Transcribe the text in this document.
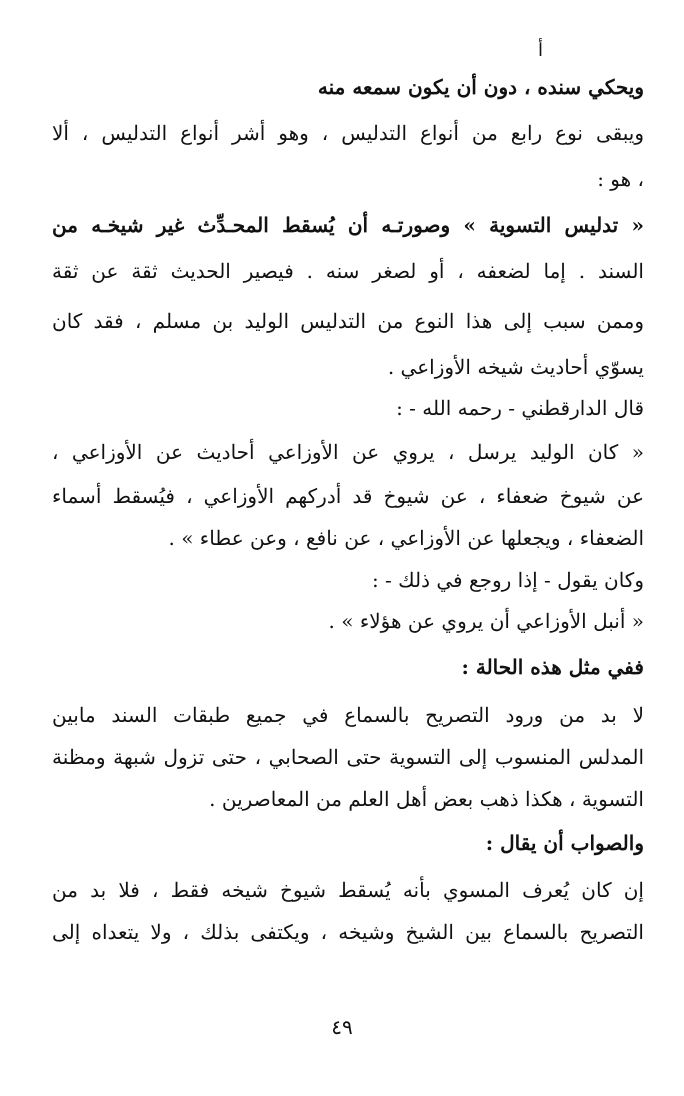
أ
ويحكي سنده ، دون أن يكون سمعه منه
ويبقى نوع رابع من أنواع التدليس ، وهو أشر أنواع التدليس ، ألا
، هو :
« تدليس التسوية » وصورتـه أن يُسقط المحـدِّث غير شيخـه من
السند . إما لضعفه ، أو لصغر سنه . فيصير الحديث ثقة عن ثقة
وممن سبب إلى هذا النوع من التدليس الوليد بن مسلم ، فقد كان
يسوّي أحاديث شيخه الأوزاعي .
قال الدارقطني - رحمه الله - :
« كان الوليد يرسل ، يروي عن الأوزاعي أحاديث عن الأوزاعي ،
عن شيوخ ضعفاء ، عن شيوخ قد أدركهم الأوزاعي ، فيُسقط أسماء
الضعفاء ، ويجعلها عن الأوزاعي ، عن نافع ، وعن عطاء » .
وكان يقول - إذا روجع في ذلك - :
« أنبل الأوزاعي أن يروي عن هؤلاء » .
ففي مثل هذه الحالة :
لا بد من ورود التصريح بالسماع في جميع طبقات السند مابين
المدلس المنسوب إلى التسوية حتى الصحابي ، حتى تزول شبهة ومظنة
التسوية ، هكذا ذهب بعض أهل العلم من المعاصرين .
والصواب أن يقال :
إن كان يُعرف المسوي بأنه يُسقط شيوخ شيخه فقط ، فلا بد من
التصريح بالسماع بين الشيخ وشيخه ، ويكتفى بذلك ، ولا يتعداه إلى
٤٩
